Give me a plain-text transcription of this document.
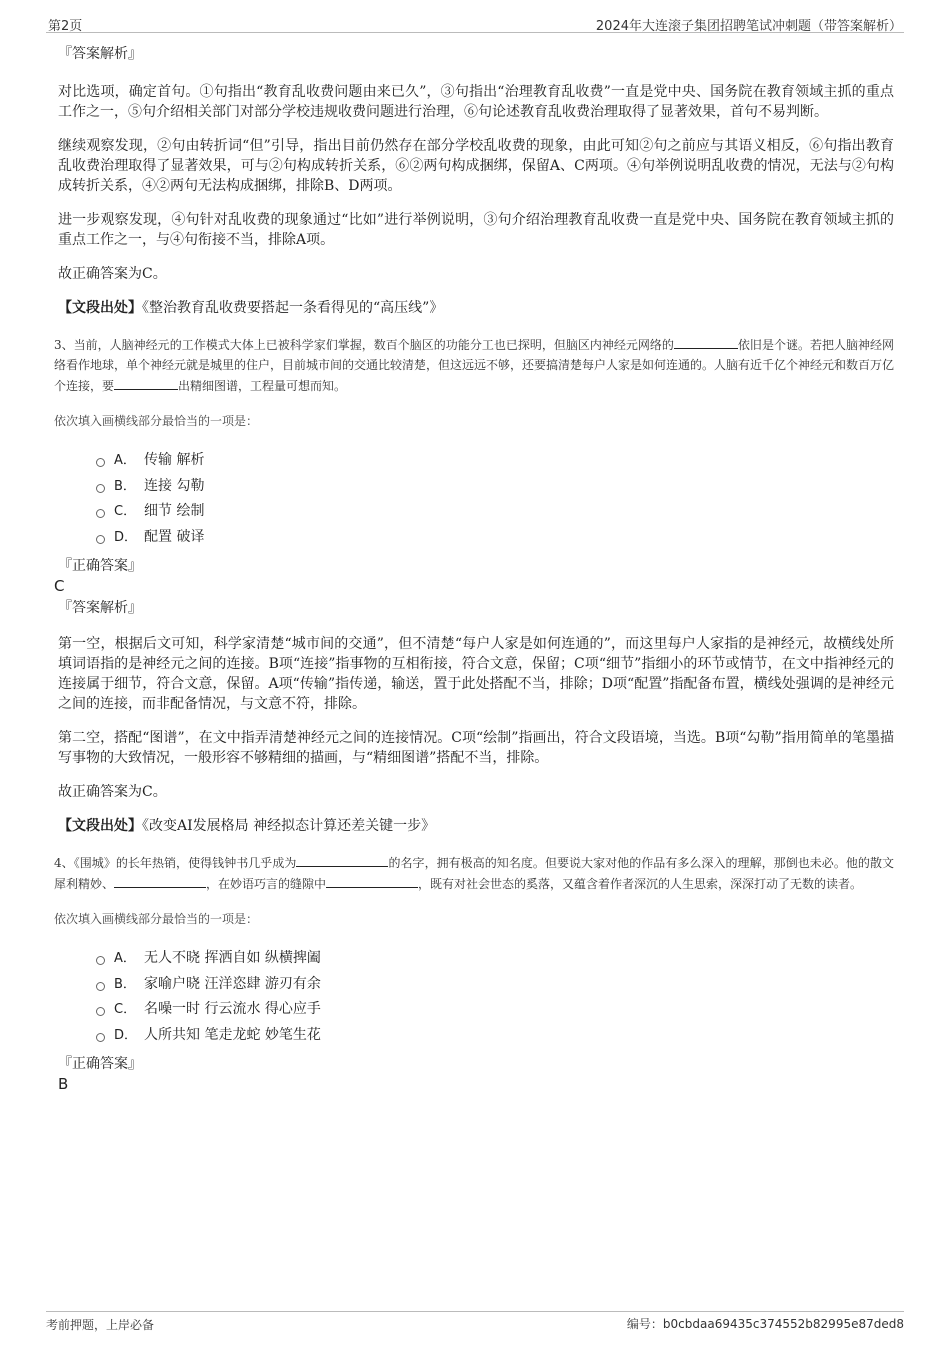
第2页	2024年大连滚子集团招聘笔试冲刺题（带答案解析）
『答案解析』

对比选项，确定首句。①句指出“教育乱收费问题由来已久”，③句指出“治理教育乱收费”一直是党中央、国务院在教育领域主抓的重点工作之一，⑤句介绍相关部门对部分学校违规收费问题进行治理，⑥句论述教育乱收费治理取得了显著效果，首句不易判断。

继续观察发现，②句由转折词“但”引导，指出目前仍然存在部分学校乱收费的现象，由此可知②句之前应与其语义相反，⑥句指出教育乱收费治理取得了显著效果，可与②句构成转折关系，⑥②两句构成捆绑，保留A、C两项。④句举例说明乱收费的情况，无法与②句构成转折关系，④②两句无法构成捆绑，排除B、D两项。

进一步观察发现，④句针对乱收费的现象通过“比如”进行举例说明，③句介绍治理教育乱收费一直是党中央、国务院在教育领域主抓的重点工作之一，与④句衔接不当，排除A项。

故正确答案为C。

【文段出处】《整治教育乱收费要搭起一条看得见的“高压线”》

3、当前，人脑神经元的工作模式大体上已被科学家们掌握，数百个脑区的功能分工也已探明，但脑区内神经元网络的	依旧是个谜。若把人脑神经网络看作地球，单个神经元就是城里的住户，目前城市间的交通比较清楚，但这远远不够，还要搞清楚每户人家是如何连通的。人脑有近千亿个神经元和数百万亿个连接，要	出精细图谱，工程量可想而知。

依次填入画横线部分最恰当的一项是：

A． 传输 解析
B． 连接 勾勒
C． 细节 绘制
D． 配置 破译
『正确答案』
C
『答案解析』

第一空，根据后文可知，科学家清楚“城市间的交通”，但不清楚“每户人家是如何连通的”，而这里每户人家指的是神经元，故横线处所填词语指的是神经元之间的连接。B项“连接”指事物的互相衔接，符合文意，保留；C项“细节”指细小的环节或情节，在文中指神经元的连接属于细节，符合文意，保留。A项“传输”指传递，输送，置于此处搭配不当，排除；D项“配置”指配备布置，横线处强调的是神经元之间的连接，而非配备情况，与文意不符，排除。

第二空，搭配“图谱”，在文中指弄清楚神经元之间的连接情况。C项“绘制”指画出，符合文段语境，当选。B项“勾勒”指用简单的笔墨描写事物的大致情况，一般形容不够精细的描画，与“精细图谱”搭配不当，排除。

故正确答案为C。

【文段出处】《改变AI发展格局 神经拟态计算还差关键一步》

4、《围城》的长年热销，使得钱钟书几乎成为	的名字，拥有极高的知名度。但要说大家对他的作品有多么深入的理解，那倒也未必。他的散文犀利精妙、	，在妙语巧言的缝隙中	，既有对社会世态的奚落，又蕴含着作者深沉的人生思索，深深打动了无数的读者。

依次填入画横线部分最恰当的一项是：

A． 无人不晓 挥洒自如 纵横捭阖
B． 家喻户晓 汪洋恣肆 游刃有余
C． 名噪一时 行云流水 得心应手
D． 人所共知 笔走龙蛇 妙笔生花
『正确答案』
B
考前押题，上岸必备	编号：b0cbdaa69435c374552b82995e87ded8
